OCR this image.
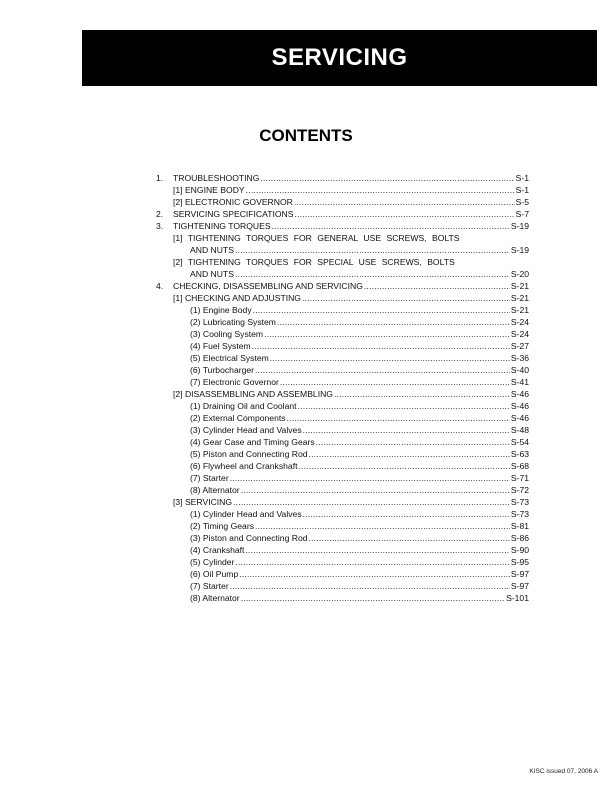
SERVICING
CONTENTS
1.	TROUBLESHOOTING .....	S-1
[1] ENGINE BODY .....	S-1
[2] ELECTRONIC GOVERNOR .....	S-5
2.	SERVICING SPECIFICATIONS .....	S-7
3.	TIGHTENING TORQUES .....	S-19
[1] TIGHTENING TORQUES FOR GENERAL USE SCREWS, BOLTS
AND NUTS .....	S-19
[2] TIGHTENING TORQUES FOR SPECIAL USE SCREWS, BOLTS
AND NUTS .....	S-20
4.	CHECKING, DISASSEMBLING AND SERVICING .....	S-21
[1] CHECKING AND ADJUSTING .....	S-21
(1) Engine Body .....	S-21
(2) Lubricating System .....	S-24
(3) Cooling System .....	S-24
(4) Fuel System .....	S-27
(5) Electrical System .....	S-36
(6) Turbocharger .....	S-40
(7) Electronic Governor .....	S-41
[2] DISASSEMBLING AND ASSEMBLING .....	S-46
(1) Draining Oil and Coolant .....	S-46
(2) External Components .....	S-46
(3) Cylinder Head and Valves .....	S-48
(4) Gear Case and Timing Gears .....	S-54
(5) Piston and Connecting Rod .....	S-63
(6) Flywheel and Crankshaft .....	S-68
(7) Starter .....	S-71
(8) Alternator .....	S-72
[3] SERVICING .....	S-73
(1) Cylinder Head and Valves .....	S-73
(2) Timing Gears .....	S-81
(3) Piston and Connecting Rod .....	S-86
(4) Crankshaft .....	S-90
(5) Cylinder .....	S-95
(6) Oil Pump .....	S-97
(7) Starter .....	S-97
(8) Alternator .....	S-101
KISC issued 07, 2006 A
